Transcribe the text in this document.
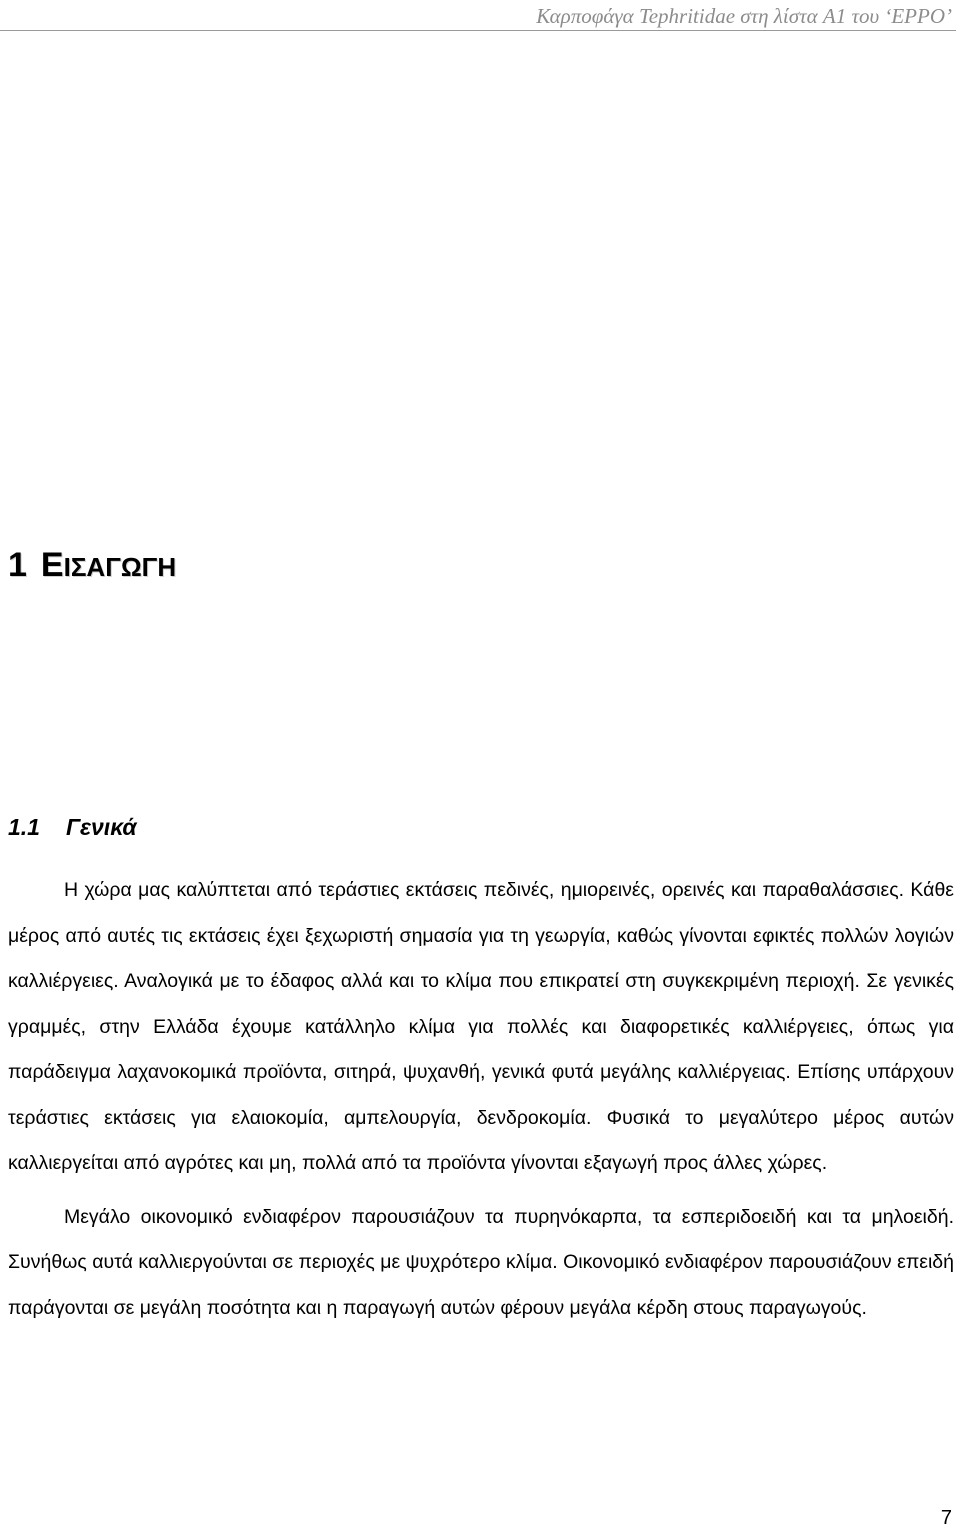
Καρποφάγα Tephritidae στη λίστα A1 του ‘EPPO’
1 ΕΙΣΑΓΩΓΗ
1.1 Γενικά

Η χώρα μας καλύπτεται από τεράστιες εκτάσεις πεδινές, ημιορεινές, ορεινές και παραθαλάσσιες. Κάθε μέρος από αυτές τις εκτάσεις έχει ξεχωριστή σημασία για τη γεωργία, καθώς γίνονται εφικτές πολλών λογιών καλλιέργειες. Αναλογικά με το έδαφος αλλά και το κλίμα που επικρατεί στη συγκεκριμένη περιοχή. Σε γενικές γραμμές, στην Ελλάδα έχουμε κατάλληλο κλίμα για πολλές και διαφορετικές καλλιέργειες, όπως για παράδειγμα λαχανοκομικά προϊόντα, σιτηρά, ψυχανθή, γενικά φυτά μεγάλης καλλιέργειας. Επίσης υπάρχουν τεράστιες εκτάσεις για ελαιοκομία, αμπελουργία, δενδροκομία. Φυσικά το μεγαλύτερο μέρος αυτών καλλιεργείται από αγρότες και μη, πολλά από τα προϊόντα γίνονται εξαγωγή προς άλλες χώρες.

Μεγάλο οικονομικό ενδιαφέρον παρουσιάζουν τα πυρηνόκαρπα, τα εσπεριδοειδή και τα μηλοειδή. Συνήθως αυτά καλλιεργούνται σε περιοχές με ψυχρότερο κλίμα. Οικονομικό ενδιαφέρον παρουσιάζουν επειδή παράγονται σε μεγάλη ποσότητα και η παραγωγή αυτών φέρουν μεγάλα κέρδη στους παραγωγούς.

7
